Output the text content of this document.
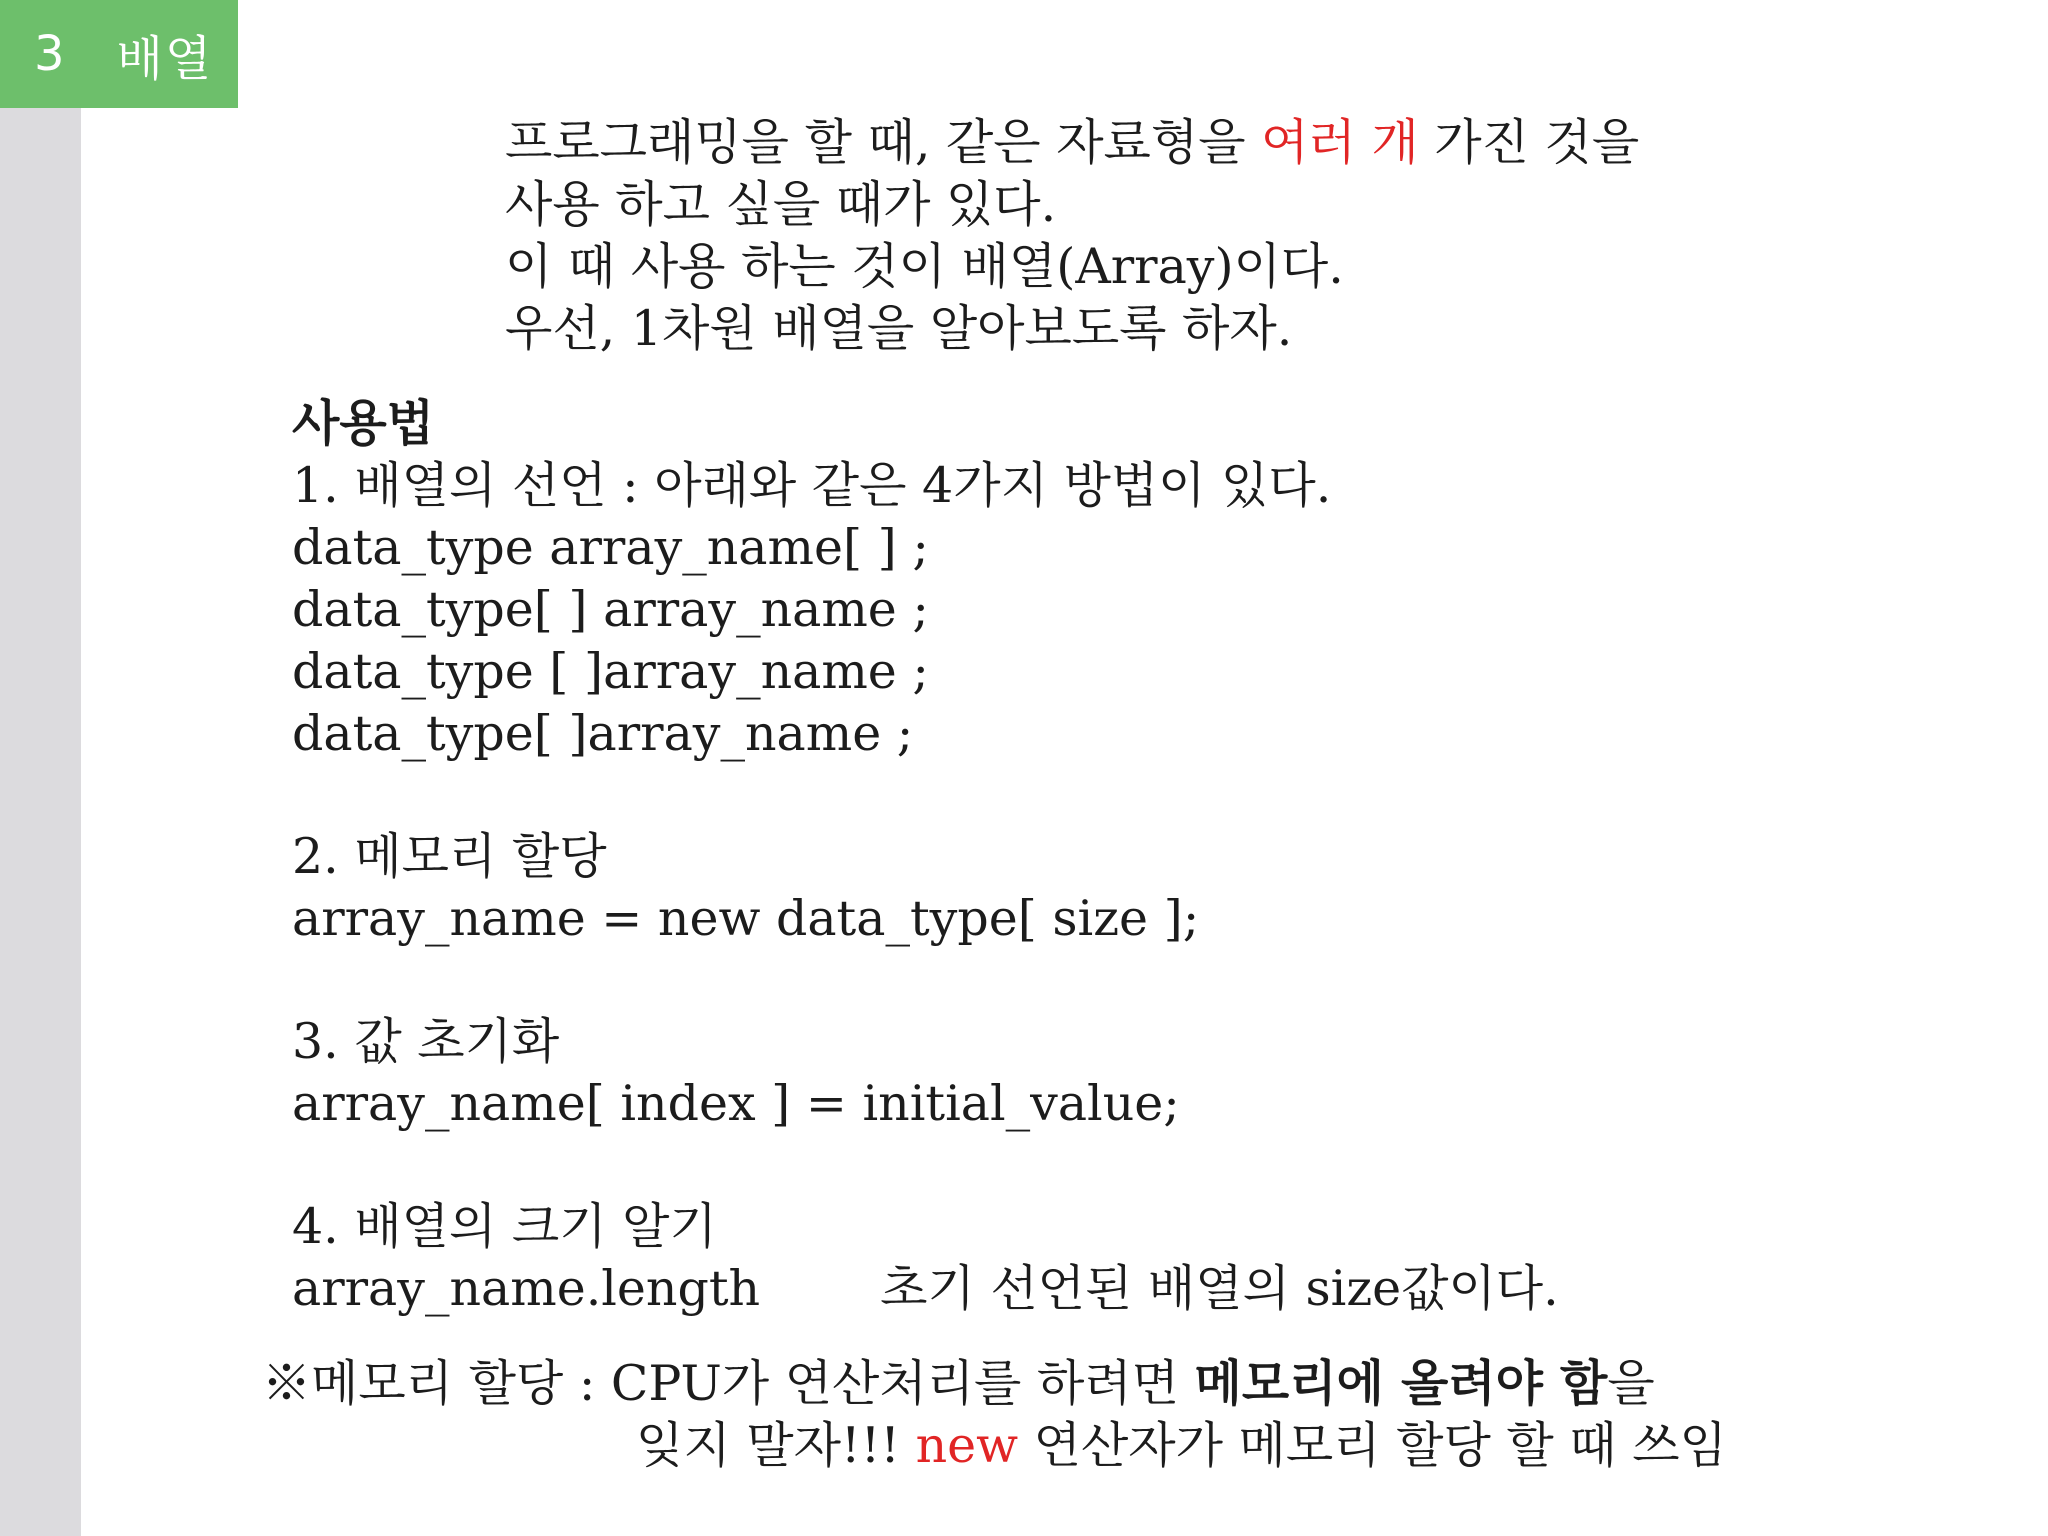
3 배열
프로그래밍을 할 때, 같은 자료형을 여러 개 가진 것을
사용 하고 싶을 때가 있다.
이 때 사용 하는 것이 배열(Array)이다.
우선, 1차원 배열을 알아보도록 하자.
사용법
1. 배열의 선언 : 아래와 같은 4가지 방법이 있다.
data_type array_name[ ] ;
data_type[ ] array_name ;
data_type [ ]array_name ;
data_type[ ]array_name ;
2. 메모리 할당
array_name = new data_type[ size ];
3. 값 초기화
array_name[ index ] = initial_value;
4. 배열의 크기 알기
array_name.length 초기 선언된 배열의 size값이다.
※메모리 할당 : CPU가 연산처리를 하려면 메모리에 올려야 함을
잊지 말자!!! new 연산자가 메모리 할당 할 때 쓰임
